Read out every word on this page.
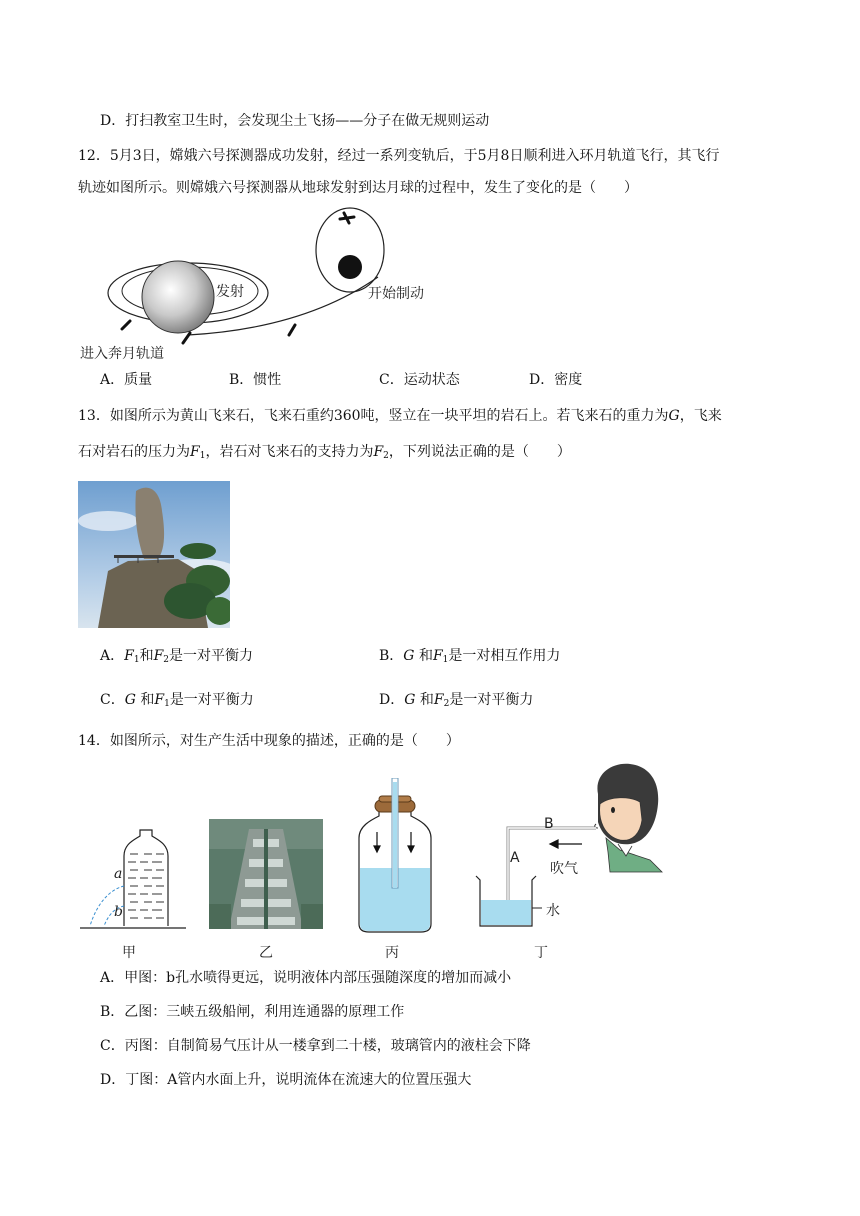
D．打扫教室卫生时，会发现尘土飞扬——分子在做无规则运动
12．5月3日，嫦娥六号探测器成功发射，经过一系列变轨后，于5月8日顺利进入环月轨道飞行，其飞行
轨迹如图所示。则嫦娥六号探测器从地球发射到达月球的过程中，发生了变化的是（　　）
发射	开始制动
进入奔月轨道
A．质量	B．惯性	C．运动状态	D．密度
13．如图所示为黄山飞来石，飞来石重约360吨，竖立在一块平坦的岩石上。若飞来石的重力为G，飞来
石对岩石的压力为$F_1$，岩石对飞来石的支持力为$F_2$，下列说法正确的是（　　）
A．$F_1$和$F_2$是一对平衡力	B．G 和$F_1$是一对相互作用力
C．G 和$F_1$是一对平衡力	D．G 和$F_2$是一对平衡力
14．如图所示，对生产生活中现象的描述，正确的是（　　）
a
b
甲	乙	丙
B
A
吹气
水
丁
A．甲图：b孔水喷得更远，说明液体内部压强随深度的增加而减小
B．乙图：三峡五级船闸，利用连通器的原理工作
C．丙图：自制简易气压计从一楼拿到二十楼，玻璃管内的液柱会下降
D．丁图：A管内水面上升，说明流体在流速大的位置压强大
